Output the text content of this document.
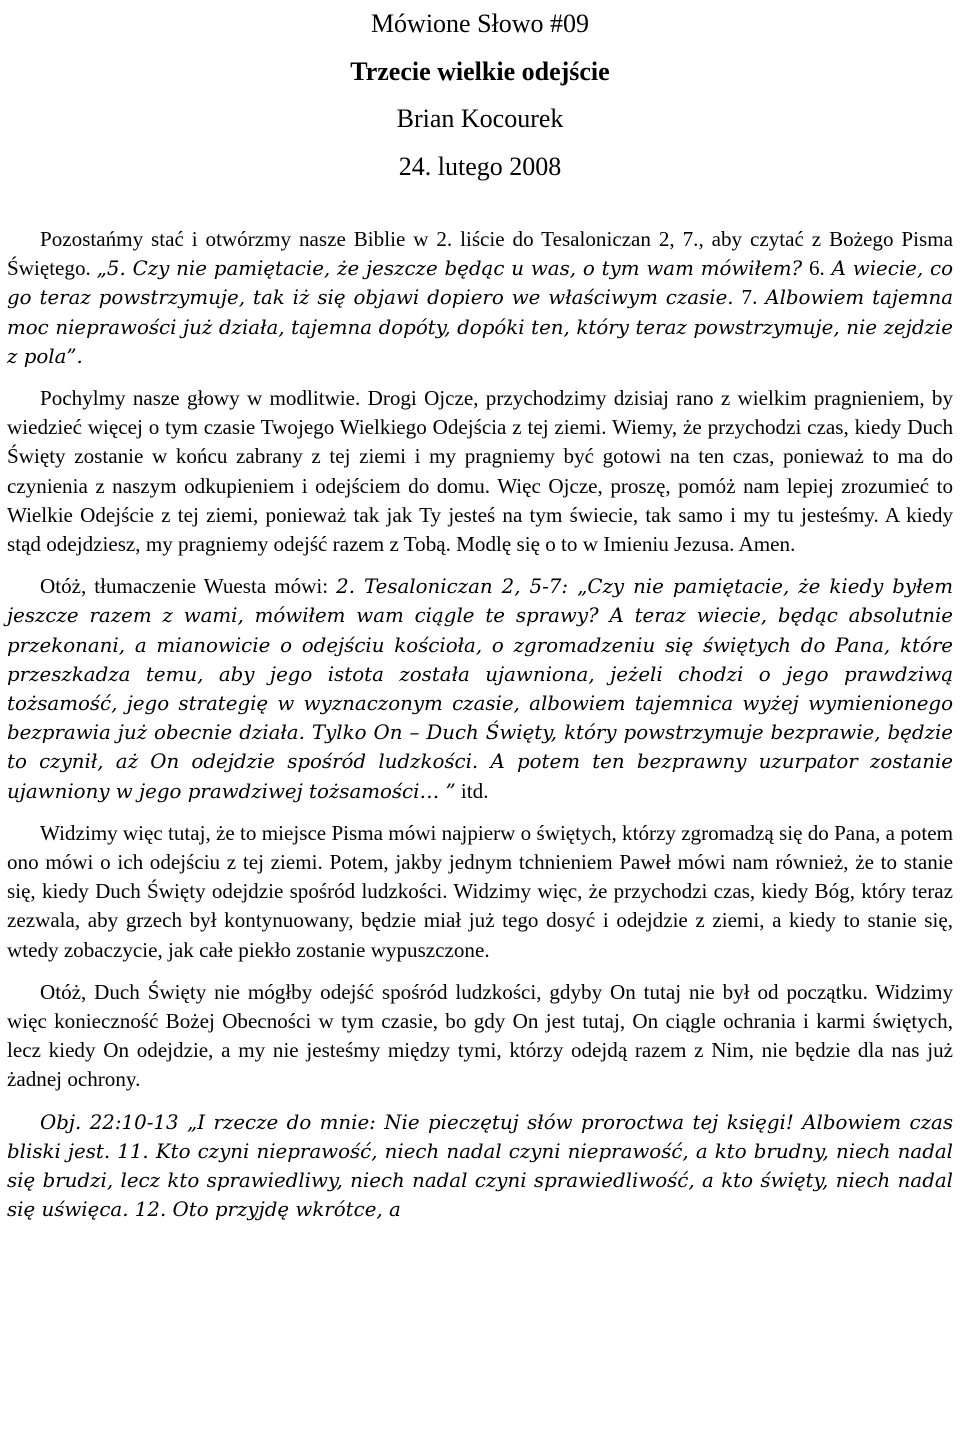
Mówione Słowo #09
Trzecie wielkie odejście
Brian Kocourek
24. lutego 2008

Pozostańmy stać i otwórzmy nasze Biblie w 2. liście do Tesaloniczan 2, 7., aby czytać z Bożego Pisma Świętego. „5. Czy nie pamiętacie, że jeszcze będąc u was, o tym wam mówiłem? 6. A wiecie, co go teraz powstrzymuje, tak iż się objawi dopiero we właściwym czasie. 7. Albowiem tajemna moc nieprawości już działa, tajemna dopóty, dopóki ten, który teraz powstrzymuje, nie zejdzie z pola”.

Pochylmy nasze głowy w modlitwie. Drogi Ojcze, przychodzimy dzisiaj rano z wielkim pragnieniem, by wiedzieć więcej o tym czasie Twojego Wielkiego Odejścia z tej ziemi. Wiemy, że przychodzi czas, kiedy Duch Święty zostanie w końcu zabrany z tej ziemi i my pragniemy być gotowi na ten czas, ponieważ to ma do czynienia z naszym odkupieniem i odejściem do domu. Więc Ojcze, proszę, pomóż nam lepiej zrozumieć to Wielkie Odejście z tej ziemi, ponieważ tak jak Ty jesteś na tym świecie, tak samo i my tu jesteśmy. A kiedy stąd odejdziesz, my pragniemy odejść razem z Tobą. Modlę się o to w Imieniu Jezusa. Amen.

Otóż, tłumaczenie Wuesta mówi: 2. Tesaloniczan 2, 5-7: „Czy nie pamiętacie, że kiedy byłem jeszcze razem z wami, mówiłem wam ciągle te sprawy? A teraz wiecie, będąc absolutnie przekonani, a mianowicie o odejściu kościoła, o zgromadzeniu się świętych do Pana, które przeszkadza temu, aby jego istota została ujawniona, jeżeli chodzi o jego prawdziwą tożsamość, jego strategię w wyznaczonym czasie, albowiem tajemnica wyżej wymienionego bezprawia już obecnie działa. Tylko On – Duch Święty, który powstrzymuje bezprawie, będzie to czynił, aż On odejdzie spośród ludzkości. A potem ten bezprawny uzurpator zostanie ujawniony w jego prawdziwej tożsamości… ” itd.

Widzimy więc tutaj, że to miejsce Pisma mówi najpierw o świętych, którzy zgromadzą się do Pana, a potem ono mówi o ich odejściu z tej ziemi. Potem, jakby jednym tchnieniem Paweł mówi nam również, że to stanie się, kiedy Duch Święty odejdzie spośród ludzkości. Widzimy więc, że przychodzi czas, kiedy Bóg, który teraz zezwala, aby grzech był kontynuowany, będzie miał już tego dosyć i odejdzie z ziemi, a kiedy to stanie się, wtedy zobaczycie, jak całe piekło zostanie wypuszczone.

Otóż, Duch Święty nie mógłby odejść spośród ludzkości, gdyby On tutaj nie był od początku. Widzimy więc konieczność Bożej Obecności w tym czasie, bo gdy On jest tutaj, On ciągle ochrania i karmi świętych, lecz kiedy On odejdzie, a my nie jesteśmy między tymi, którzy odejdą razem z Nim, nie będzie dla nas już żadnej ochrony.

Obj. 22:10-13 „I rzecze do mnie: Nie pieczętuj słów proroctwa tej księgi! Albowiem czas bliski jest. 11. Kto czyni nieprawość, niech nadal czyni nieprawość, a kto brudny, niech nadal się brudzi, lecz kto sprawiedliwy, niech nadal czyni sprawiedliwość, a kto święty, niech nadal się uświęca. 12. Oto przyjdę wkrótce, a
